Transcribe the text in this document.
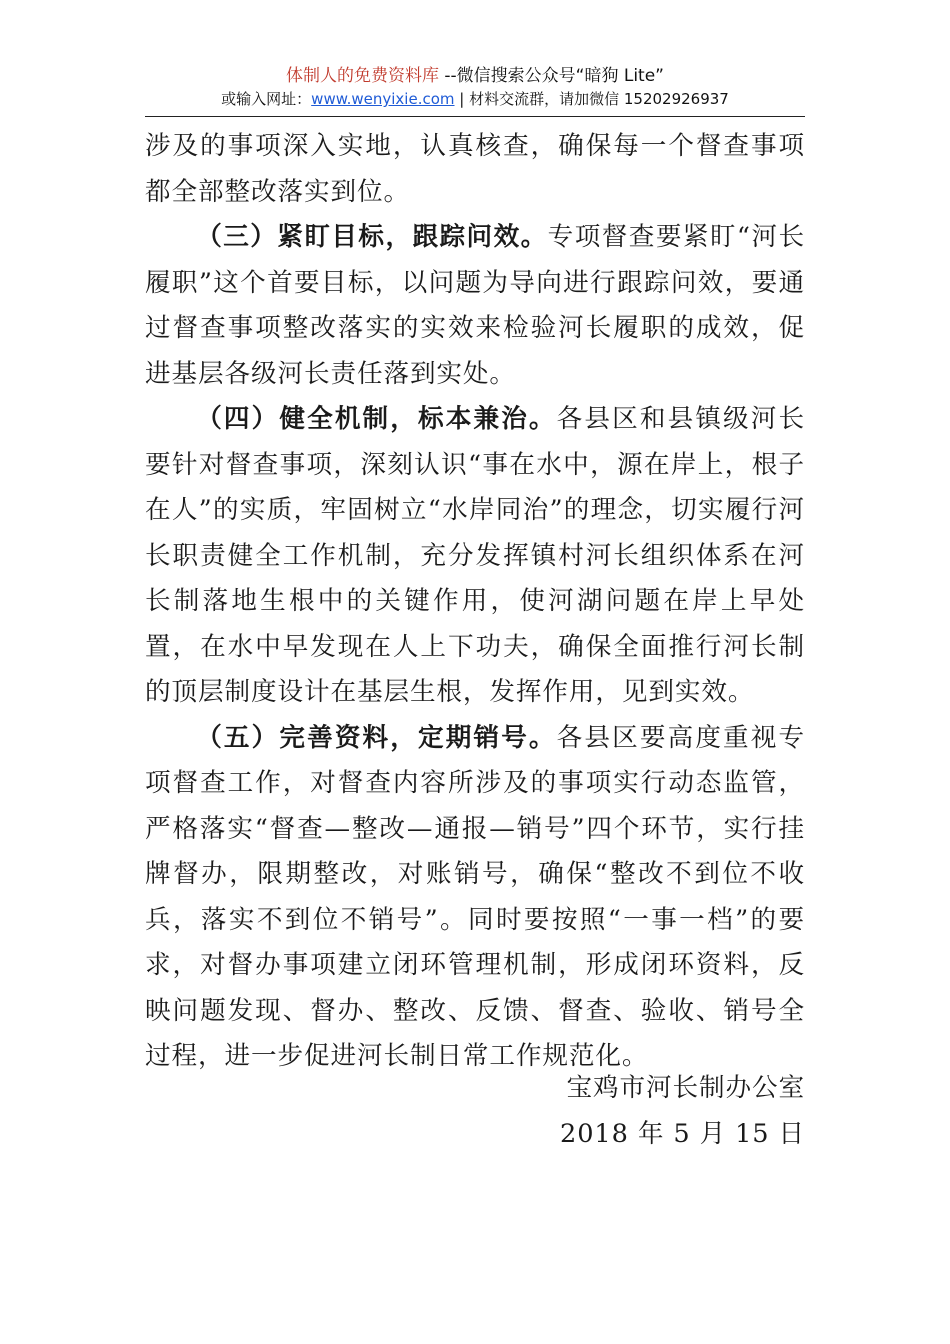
体制人的免费资料库 --微信搜索公众号“暗狗 Lite”
或输入网址：www.wenyixie.com | 材料交流群，请加微信 15202926937

涉及的事项深入实地，认真核查，确保每一个督查事项都全部整改落实到位。

（三）紧盯目标，跟踪问效。专项督查要紧盯“河长履职”这个首要目标，以问题为导向进行跟踪问效，要通过督查事项整改落实的实效来检验河长履职的成效，促进基层各级河长责任落到实处。

（四）健全机制，标本兼治。各县区和县镇级河长要针对督查事项，深刻认识“事在水中，源在岸上，根子在人”的实质，牢固树立“水岸同治”的理念，切实履行河长职责健全工作机制，充分发挥镇村河长组织体系在河长制落地生根中的关键作用，使河湖问题在岸上早处置，在水中早发现在人上下功夫，确保全面推行河长制的顶层制度设计在基层生根，发挥作用，见到实效。

（五）完善资料，定期销号。各县区要高度重视专项督查工作，对督查内容所涉及的事项实行动态监管，严格落实“督查—整改—通报—销号”四个环节，实行挂牌督办，限期整改，对账销号，确保“整改不到位不收兵，落实不到位不销号”。同时要按照“一事一档”的要求，对督办事项建立闭环管理机制，形成闭环资料，反映问题发现、督办、整改、反馈、督查、验收、销号全过程，进一步促进河长制日常工作规范化。

宝鸡市河长制办公室
2018 年 5 月 15 日
